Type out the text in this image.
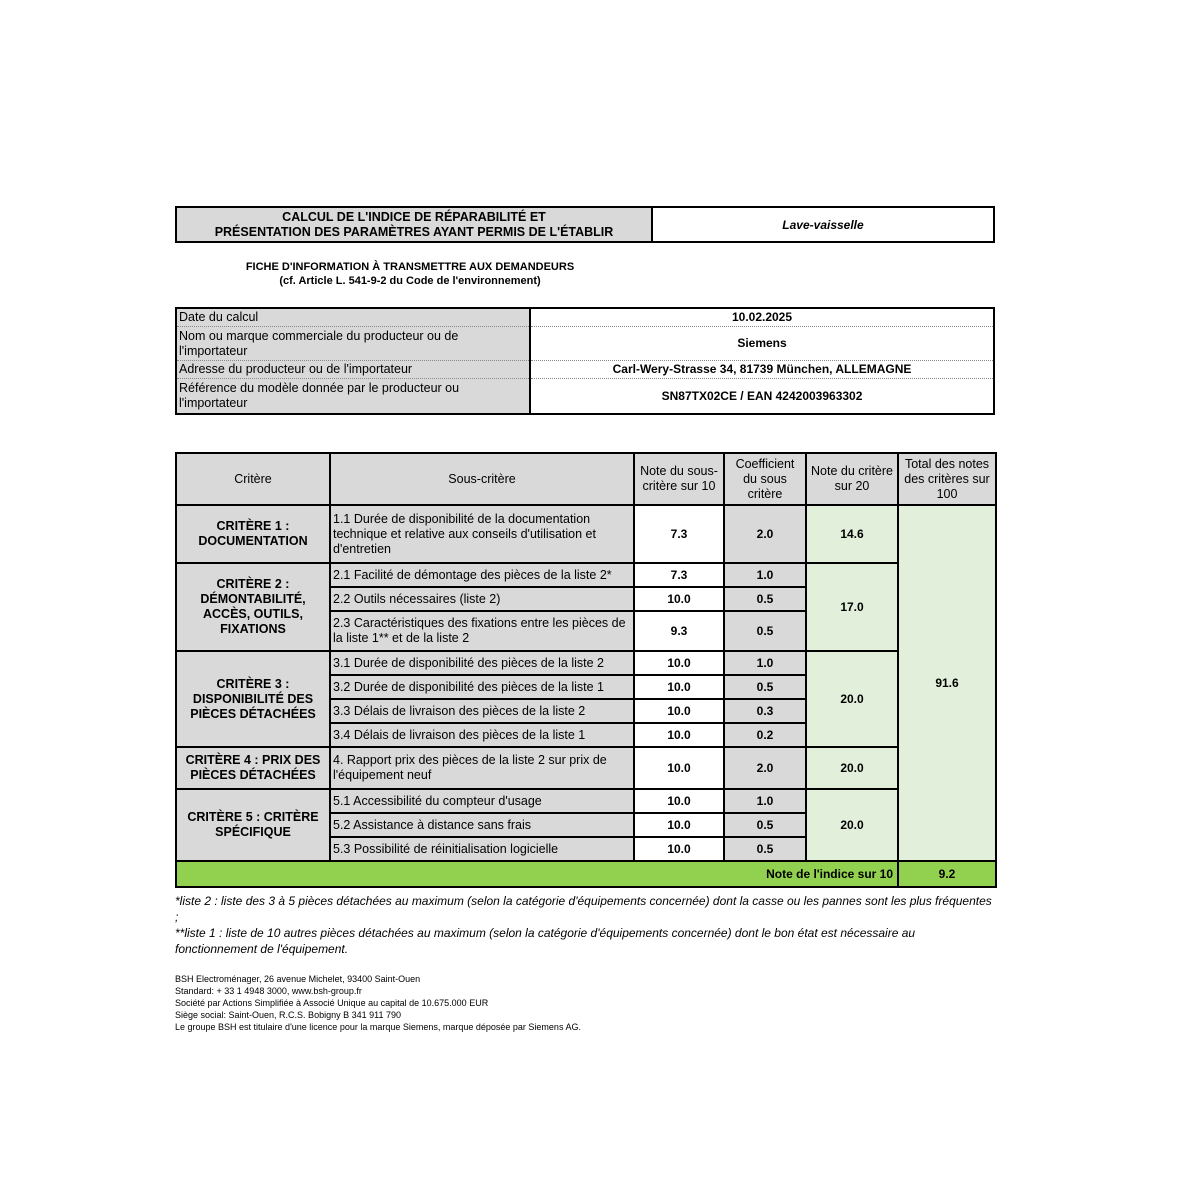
CALCUL DE L'INDICE DE RÉPARABILITÉ ET
PRÉSENTATION DES PARAMÈTRES AYANT PERMIS DE L'ÉTABLIR	Lave-vaisselle
FICHE D'INFORMATION À TRANSMETTRE AUX DEMANDEURS
(cf. Article L. 541-9-2 du Code de l'environnement)
Date du calcul	10.02.2025
Nom ou marque commerciale du producteur ou de l'importateur	Siemens
Adresse du producteur ou de l'importateur	Carl-Wery-Strasse 34, 81739 München, ALLEMAGNE
Référence du modèle donnée par le producteur ou l'importateur	SN87TX02CE / EAN 4242003963302
Critère	Sous-critère	Note du sous-critère sur 10	Coefficient du sous critère	Note du critère sur 20	Total des notes des critères sur 100
CRITÈRE 1 : DOCUMENTATION	1.1 Durée de disponibilité de la documentation technique et relative aux conseils d'utilisation et d'entretien	7.3	2.0	14.6	91.6
CRITÈRE 2 : DÉMONTABILITÉ, ACCÈS, OUTILS, FIXATIONS	2.1 Facilité de démontage des pièces de la liste 2*	7.3	1.0	17.0	
	2.2 Outils nécessaires (liste 2)	10.0	0.5		
	2.3 Caractéristiques des fixations entre les pièces de la liste 1** et de la liste 2	9.3	0.5		
CRITÈRE 3 : DISPONIBILITÉ DES PIÈCES DÉTACHÉES	3.1 Durée de disponibilité des pièces de la liste 2	10.0	1.0	20.0	
	3.2 Durée de disponibilité des pièces de la liste 1	10.0	0.5		
	3.3 Délais de livraison des pièces de la liste 2	10.0	0.3		
	3.4 Délais de livraison des pièces de la liste 1	10.0	0.2		
CRITÈRE 4 : PRIX DES PIÈCES DÉTACHÉES	4. Rapport prix des pièces de la liste 2 sur prix de l'équipement neuf	10.0	2.0	20.0	
CRITÈRE 5 : CRITÈRE SPÉCIFIQUE	5.1 Accessibilité du compteur d'usage	10.0	1.0	20.0	
	5.2 Assistance à distance sans frais	10.0	0.5		
	5.3 Possibilité de réinitialisation logicielle	10.0	0.5		
Note de l'indice sur 10					9.2

*liste 2 : liste des 3 à 5 pièces détachées au maximum (selon la catégorie d'équipements concernée) dont la casse ou les pannes sont les plus fréquentes ;

**liste 1 : liste de 10 autres pièces détachées au maximum (selon la catégorie d'équipements concernée) dont le bon état est nécessaire au fonctionnement de l'équipement.

BSH Electroménager, 26 avenue Michelet, 93400 Saint-Ouen
Standard: + 33 1 4948 3000, www.bsh-group.fr
Société par Actions Simplifiée à Associé Unique au capital de 10.675.000 EUR
Siège social: Saint-Ouen, R.C.S. Bobigny B 341 911 790
Le groupe BSH est titulaire d'une licence pour la marque Siemens, marque déposée par Siemens AG.
